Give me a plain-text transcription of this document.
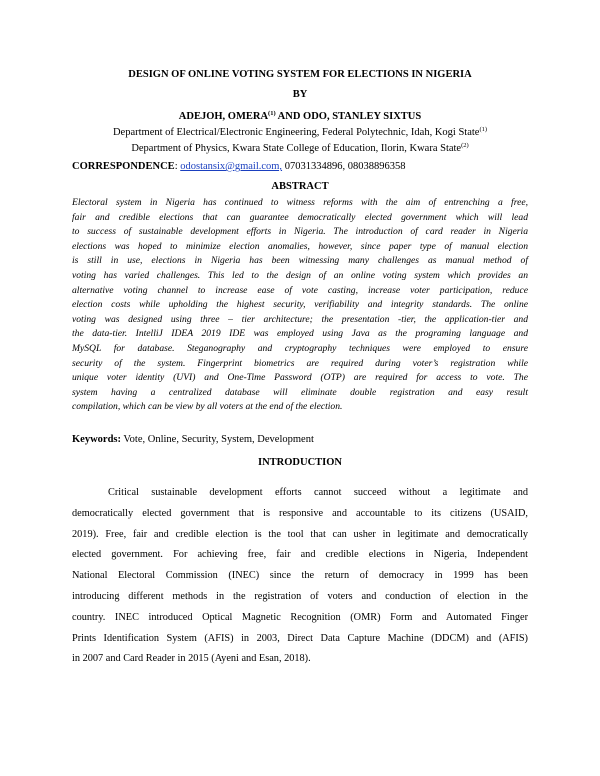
DESIGN OF ONLINE VOTING SYSTEM FOR ELECTIONS IN NIGERIA
BY
ADEJOH, OMERA$^{(1)}$ AND ODO, STANLEY SIXTUS
Department of Electrical/Electronic Engineering, Federal Polytechnic, Idah, Kogi State$^{(1)}$
Department of Physics, Kwara State College of Education, Ilorin, Kwara State$^{(2)}$
CORRESPONDENCE: odostansix@gmail.com, 07031334896, 08038896358
ABSTRACT
Electoral system in Nigeria has continued to witness reforms with the aim of entrenching a free,
fair and credible elections that can guarantee democratically elected government which will lead
to success of sustainable development efforts in Nigeria. The introduction of card reader in Nigeria
elections was hoped to minimize election anomalies, however, since paper type of manual election
is still in use, elections in Nigeria has been witnessing many challenges as manual method of
voting has varied challenges. This led to the design of an online voting system which provides an
alternative voting channel to increase ease of vote casting, increase voter participation, reduce
election costs while upholding the highest security, verifiability and integrity standards. The online
voting was designed using three – tier architecture; the presentation -tier, the application-tier and
the data-tier. IntelliJ IDEA 2019 IDE was employed using Java as the programing language and
MySQL for database. Steganography and cryptography techniques were employed to ensure
security of the system. Fingerprint biometrics are required during voter’s registration while
unique voter identity (UVI) and One-Time Password (OTP) are required for access to vote. The
system having a centralized database will eliminate double registration and easy result
compilation, which can be view by all voters at the end of the election.
Keywords: Vote, Online, Security, System, Development
INTRODUCTION
Critical sustainable development efforts cannot succeed without a legitimate and
democratically elected government that is responsive and accountable to its citizens (USAID,
2019). Free, fair and credible election is the tool that can usher in legitimate and democratically
elected government. For achieving free, fair and credible elections in Nigeria, Independent
National Electoral Commission (INEC) since the return of democracy in 1999 has been
introducing different methods in the registration of voters and conduction of election in the
country. INEC introduced Optical Magnetic Recognition (OMR) Form and Automated Finger
Prints Identification System (AFIS) in 2003, Direct Data Capture Machine (DDCM) and (AFIS)
in 2007 and Card Reader in 2015 (Ayeni and Esan, 2018).
